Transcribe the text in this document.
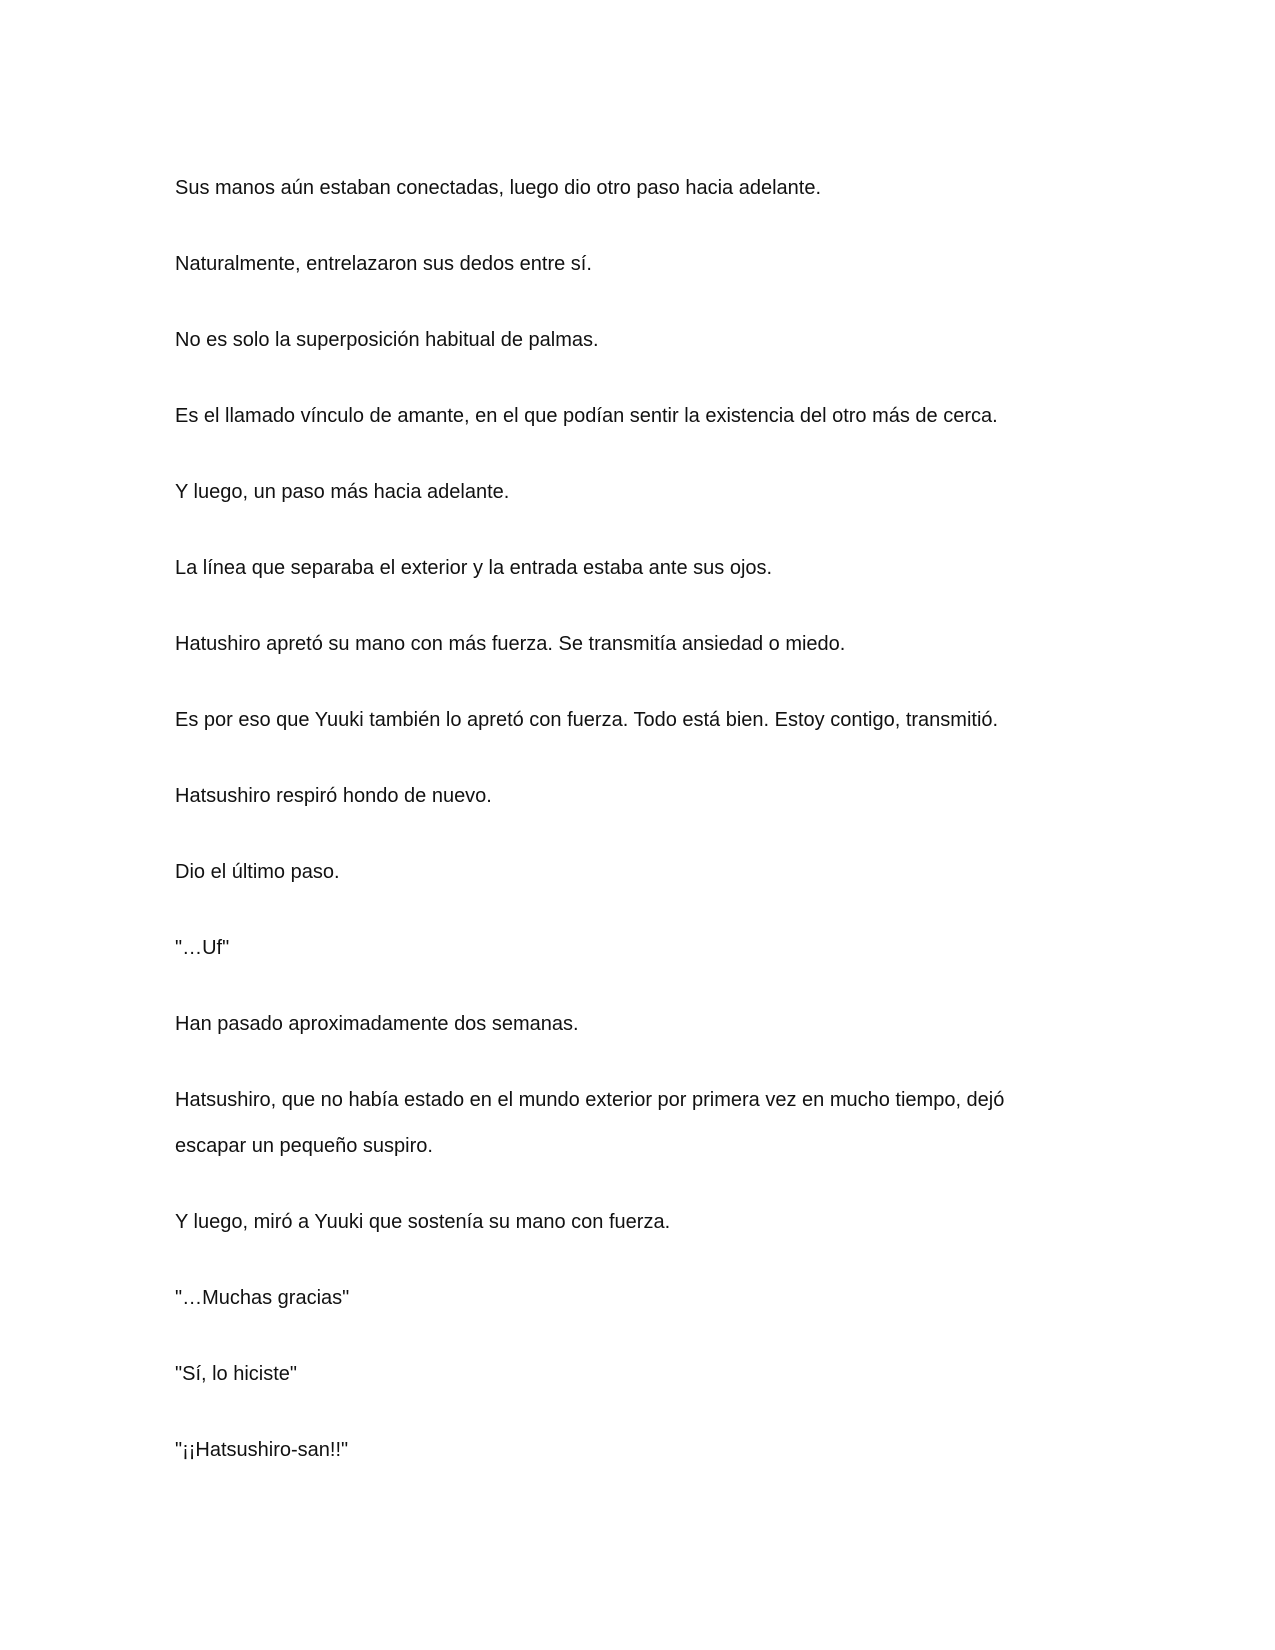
Sus manos aún estaban conectadas, luego dio otro paso hacia adelante.

Naturalmente, entrelazaron sus dedos entre sí.

No es solo la superposición habitual de palmas.

Es el llamado vínculo de amante, en el que podían sentir la existencia del otro más de cerca.

Y luego, un paso más hacia adelante.

La línea que separaba el exterior y la entrada estaba ante sus ojos.

Hatushiro apretó su mano con más fuerza. Se transmitía ansiedad o miedo.

Es por eso que Yuuki también lo apretó con fuerza. Todo está bien. Estoy contigo, transmitió.

Hatsushiro respiró hondo de nuevo.

Dio el último paso.

"…Uf"

Han pasado aproximadamente dos semanas.

Hatsushiro, que no había estado en el mundo exterior por primera vez en mucho tiempo, dejó escapar un pequeño suspiro.

Y luego, miró a Yuuki que sostenía su mano con fuerza.

"…Muchas gracias"

"Sí, lo hiciste"

"¡¡Hatsushiro-san!!"
